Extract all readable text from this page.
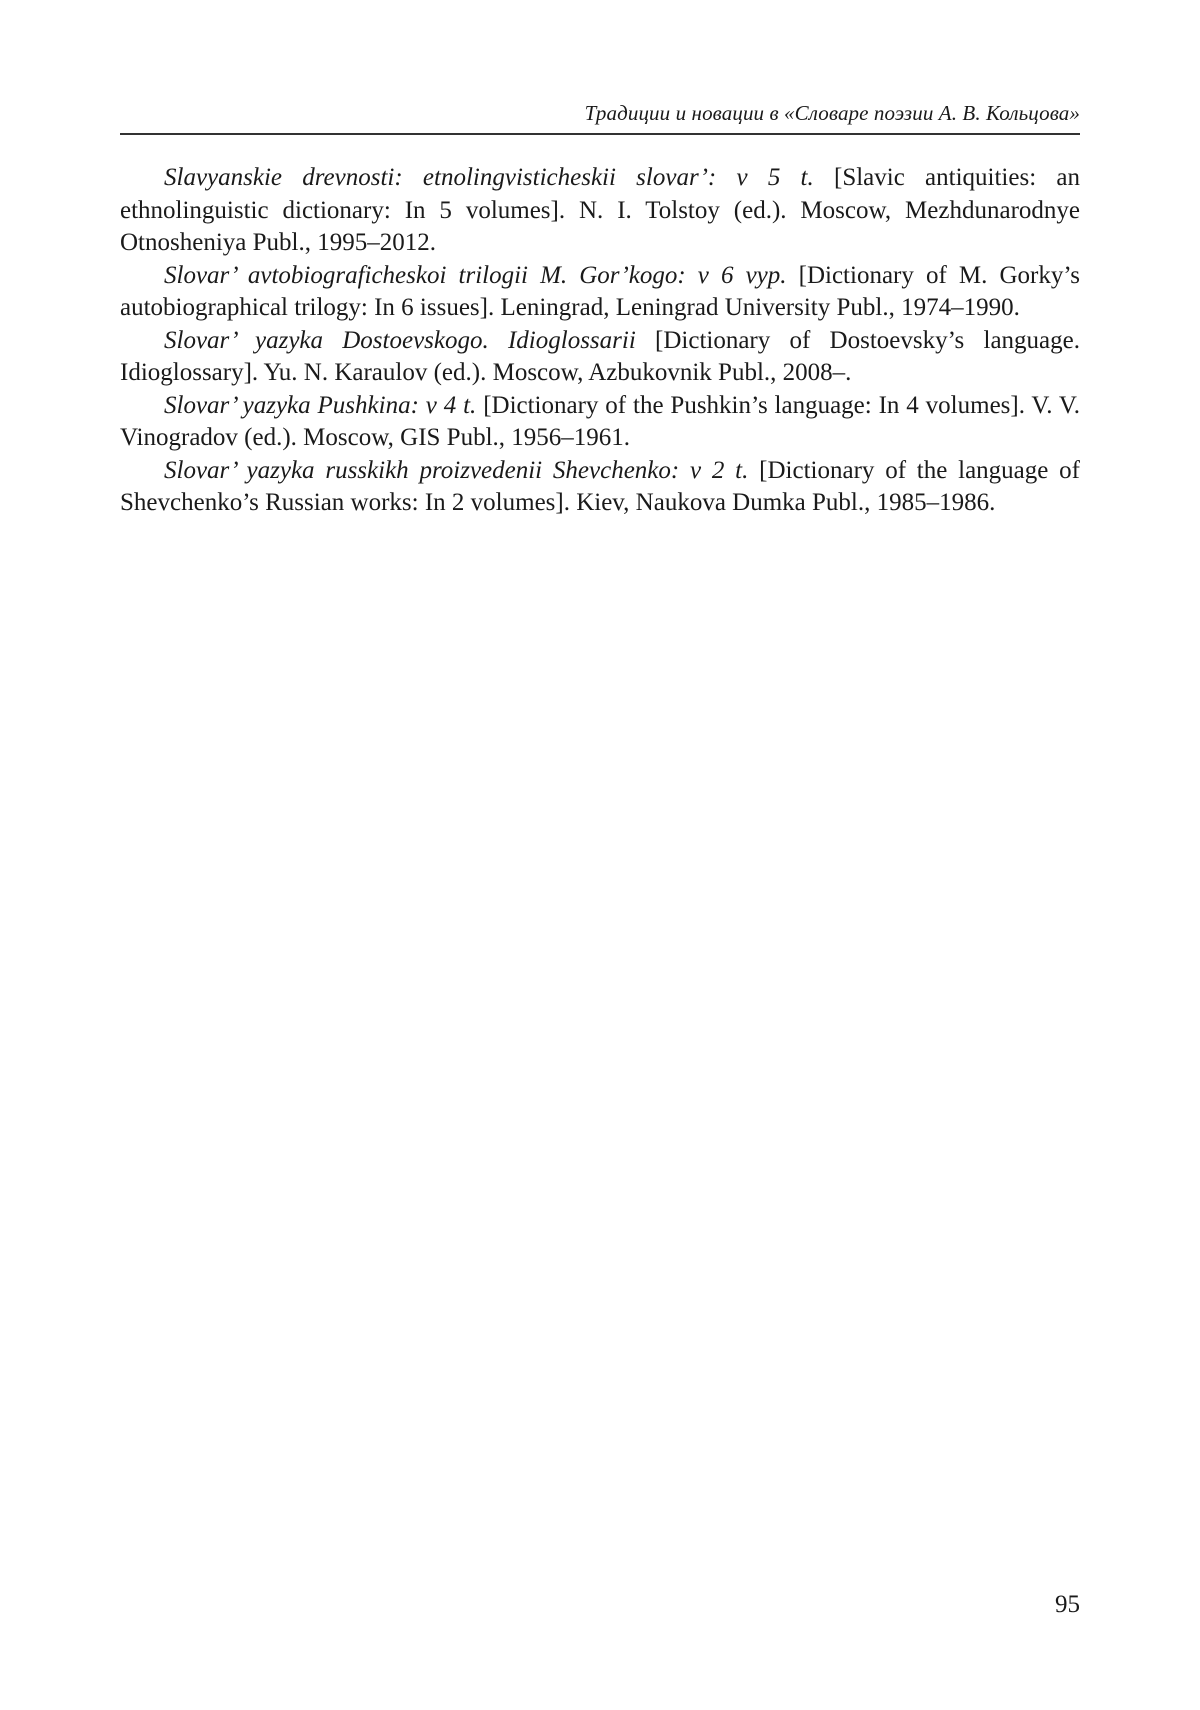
Традиции и новации в «Словаре поэзии А. В. Кольцова»

Slavyanskie drevnosti: etnolingvisticheskii slovar’: v 5 t. [Slavic antiquities: an ethnolinguistic dictionary: In 5 volumes]. N. I. Tolstoy (ed.). Moscow, Mezhdunarodnye Otnosheniya Publ., 1995–2012.

Slovar’ avtobiograficheskoi trilogii M. Gor’kogo: v 6 vyp. [Dictionary of M. Gorky’s autobiographical trilogy: In 6 issues]. Leningrad, Leningrad University Publ., 1974–1990.

Slovar’ yazyka Dostoevskogo. Idioglossarii [Dictionary of Dostoevsky’s language. Idioglossary]. Yu. N. Karaulov (ed.). Moscow, Azbukovnik Publ., 2008–.

Slovar’ yazyka Pushkina: v 4 t. [Dictionary of the Pushkin’s language: In 4 volumes]. V. V. Vinogradov (ed.). Moscow, GIS Publ., 1956–1961.

Slovar’ yazyka russkikh proizvedenii Shevchenko: v 2 t. [Dictionary of the language of Shevchenko’s Russian works: In 2 volumes]. Kiev, Naukova Dumka Publ., 1985–1986.

95
